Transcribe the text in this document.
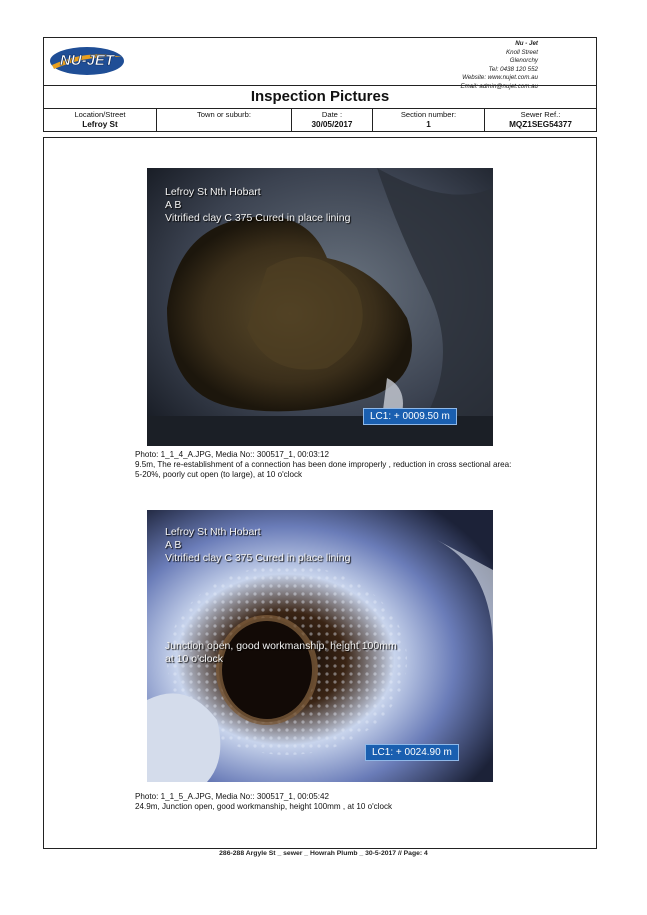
NU-JET
Nu - Jet
Knoll Street
Glenorchy
Tel: 0438 120 552
Website: www.nujet.com.au
Email: admin@nujet.com.au
Inspection Pictures
Location/Street
Lefroy St
Town or suburb:	Date :
30/05/2017
Section number:
1
Sewer Ref.:
MQZ1SEG54377
Lefroy St Nth Hobart
A B
Vitrified clay C 375 Cured in place lining
LC1: + 0009.50 m
Photo: 1_1_4_A.JPG, Media No:: 300517_1, 00:03:12
9.5m, The re-establishment of a connection has been done improperly , reduction in cross sectional area: 5-20%, poorly cut open (to large), at 10 o'clock
Lefroy St Nth Hobart
A B
Vitrified clay C 375 Cured in place lining
Junction open, good workmanship, height 100mm
at 10 o'clock
LC1: + 0024.90 m
Photo: 1_1_5_A.JPG, Media No:: 300517_1, 00:05:42
24.9m, Junction open, good workmanship, height 100mm , at 10 o'clock
286-288 Argyle St _ sewer _ Howrah Plumb _ 30-5-2017 // Page: 4
